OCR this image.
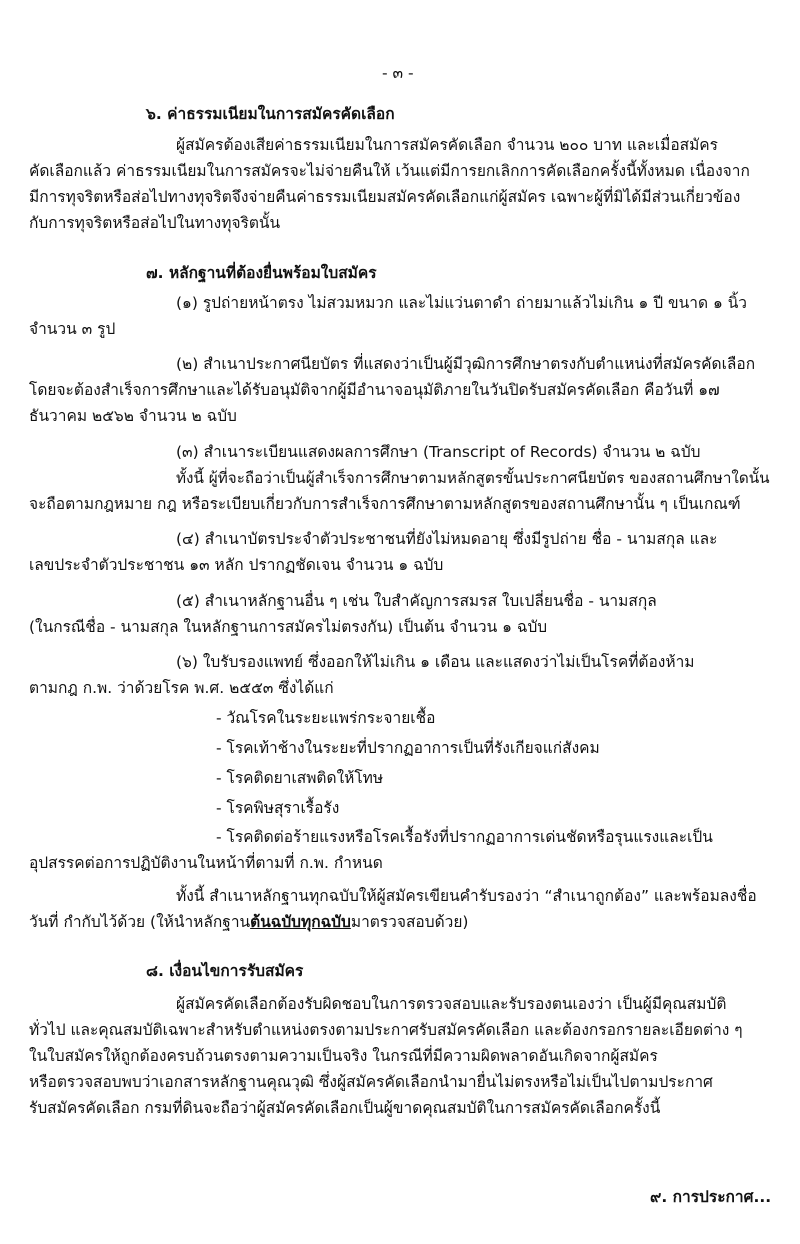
- ๓ -
๖. ค่าธรรมเนียมในการสมัครคัดเลือก
ผู้สมัครต้องเสียค่าธรรมเนียมในการสมัครคัดเลือก จำนวน ๒๐๐ บาท และเมื่อสมัคร
คัดเลือกแล้ว ค่าธรรมเนียมในการสมัครจะไม่จ่ายคืนให้ เว้นแต่มีการยกเลิกการคัดเลือกครั้งนี้ทั้งหมด เนื่องจาก
มีการทุจริตหรือส่อไปทางทุจริตจึงจ่ายคืนค่าธรรมเนียมสมัครคัดเลือกแก่ผู้สมัคร เฉพาะผู้ที่มิได้มีส่วนเกี่ยวข้อง
กับการทุจริตหรือส่อไปในทางทุจริตนั้น
๗. หลักฐานที่ต้องยื่นพร้อมใบสมัคร
(๑) รูปถ่ายหน้าตรง ไม่สวมหมวก และไม่แว่นตาดำ ถ่ายมาแล้วไม่เกิน ๑ ปี ขนาด ๑ นิ้ว
จำนวน ๓ รูป
(๒) สำเนาประกาศนียบัตร ที่แสดงว่าเป็นผู้มีวุฒิการศึกษาตรงกับตำแหน่งที่สมัครคัดเลือก
โดยจะต้องสำเร็จการศึกษาและได้รับอนุมัติจากผู้มีอำนาจอนุมัติภายในวันปิดรับสมัครคัดเลือก คือวันที่ ๑๗
ธันวาคม ๒๕๖๒ จำนวน ๒ ฉบับ
(๓) สำเนาระเบียนแสดงผลการศึกษา (Transcript of Records) จำนวน ๒ ฉบับ
ทั้งนี้ ผู้ที่จะถือว่าเป็นผู้สำเร็จการศึกษาตามหลักสูตรขั้นประกาศนียบัตร ของสถานศึกษาใดนั้น
จะถือตามกฎหมาย กฎ หรือระเบียบเกี่ยวกับการสำเร็จการศึกษาตามหลักสูตรของสถานศึกษานั้น ๆ เป็นเกณฑ์
(๔) สำเนาบัตรประจำตัวประชาชนที่ยังไม่หมดอายุ ซึ่งมีรูปถ่าย ชื่อ - นามสกุล และ
เลขประจำตัวประชาชน ๑๓ หลัก ปรากฏชัดเจน จำนวน ๑ ฉบับ
(๕) สำเนาหลักฐานอื่น ๆ เช่น ใบสำคัญการสมรส ใบเปลี่ยนชื่อ - นามสกุล
(ในกรณีชื่อ - นามสกุล ในหลักฐานการสมัครไม่ตรงกัน) เป็นต้น จำนวน ๑ ฉบับ
(๖) ใบรับรองแพทย์ ซึ่งออกให้ไม่เกิน ๑ เดือน และแสดงว่าไม่เป็นโรคที่ต้องห้าม
ตามกฎ ก.พ. ว่าด้วยโรค พ.ศ. ๒๕๕๓ ซึ่งได้แก่
- วัณโรคในระยะแพร่กระจายเชื้อ
- โรคเท้าช้างในระยะที่ปรากฏอาการเป็นที่รังเกียจแก่สังคม
- โรคติดยาเสพติดให้โทษ
- โรคพิษสุราเรื้อรัง
- โรคติดต่อร้ายแรงหรือโรคเรื้อรังที่ปรากฏอาการเด่นชัดหรือรุนแรงและเป็น
อุปสรรคต่อการปฏิบัติงานในหน้าที่ตามที่ ก.พ. กำหนด
ทั้งนี้ สำเนาหลักฐานทุกฉบับให้ผู้สมัครเขียนคำรับรองว่า “สำเนาถูกต้อง” และพร้อมลงชื่อ
วันที่ กำกับไว้ด้วย (ให้นำหลักฐานต้นฉบับทุกฉบับมาตรวจสอบด้วย)
๘. เงื่อนไขการรับสมัคร
ผู้สมัครคัดเลือกต้องรับผิดชอบในการตรวจสอบและรับรองตนเองว่า เป็นผู้มีคุณสมบัติ
ทั่วไป และคุณสมบัติเฉพาะสำหรับตำแหน่งตรงตามประกาศรับสมัครคัดเลือก และต้องกรอกรายละเอียดต่าง ๆ
ในใบสมัครให้ถูกต้องครบถ้วนตรงตามความเป็นจริง ในกรณีที่มีความผิดพลาดอันเกิดจากผู้สมัคร
หรือตรวจสอบพบว่าเอกสารหลักฐานคุณวุฒิ ซึ่งผู้สมัครคัดเลือกนำมายื่นไม่ตรงหรือไม่เป็นไปตามประกาศ
รับสมัครคัดเลือก กรมที่ดินจะถือว่าผู้สมัครคัดเลือกเป็นผู้ขาดคุณสมบัติในการสมัครคัดเลือกครั้งนี้
๙. การประกาศ...
